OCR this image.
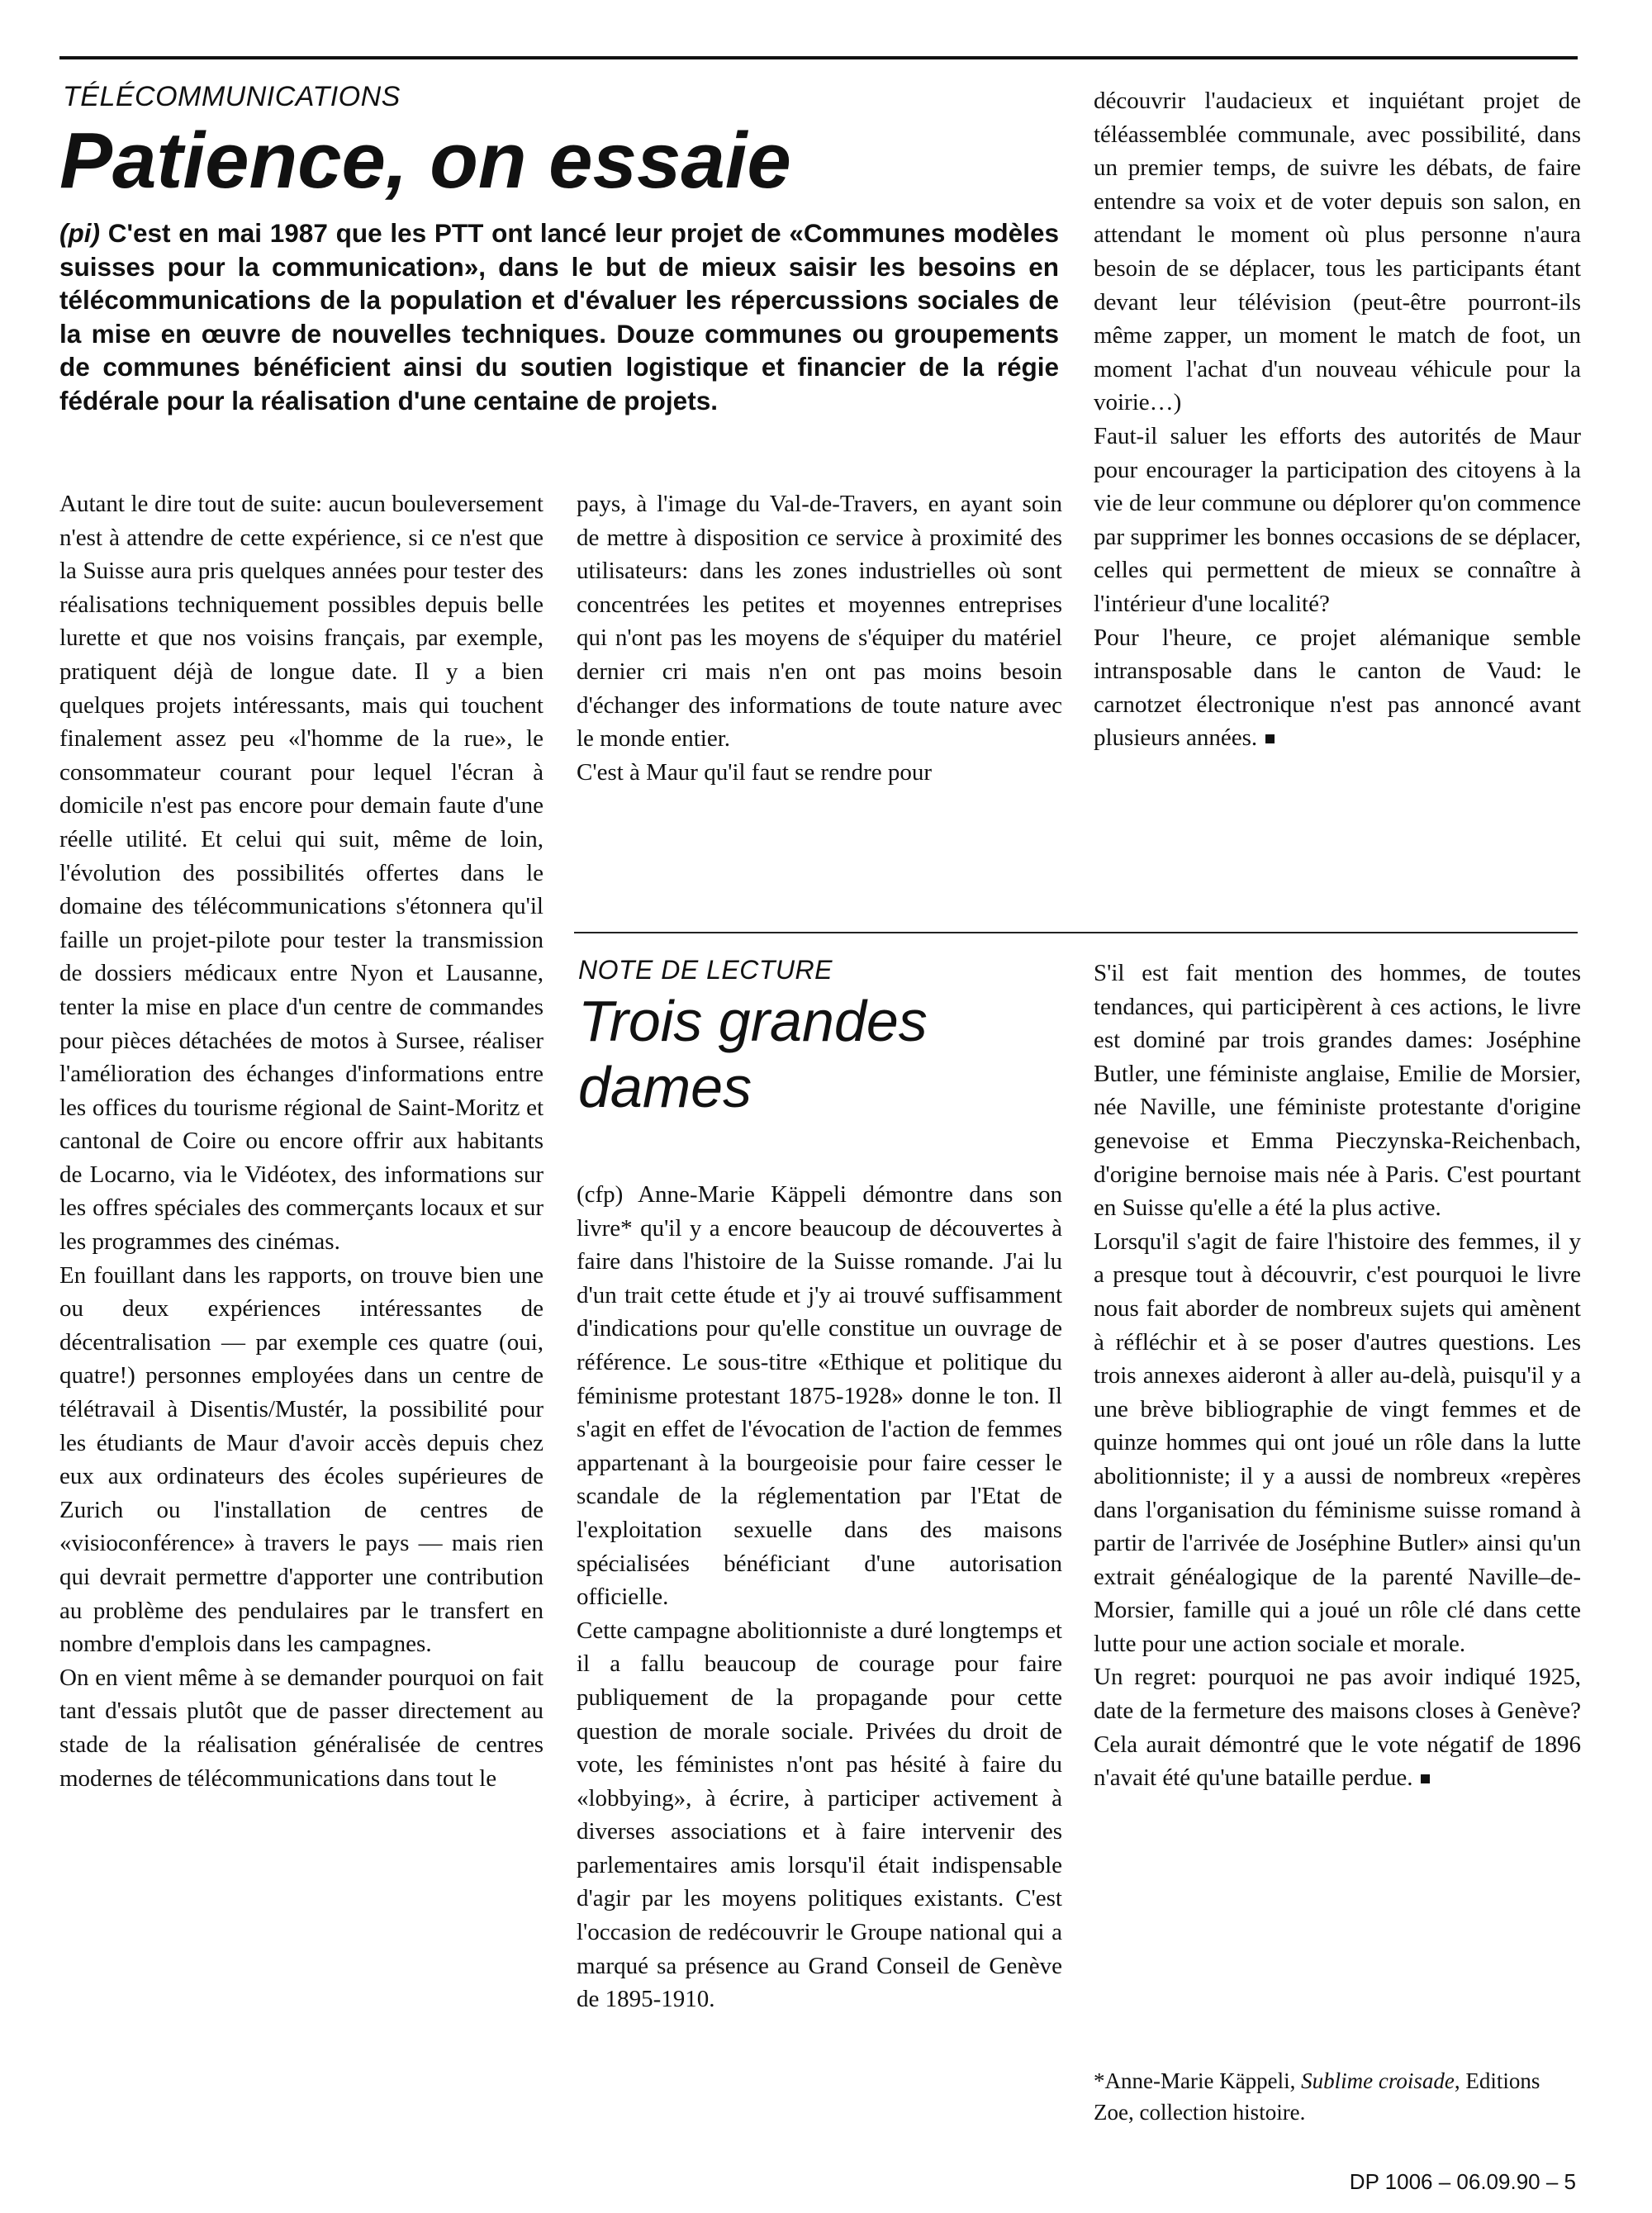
TÉLÉCOMMUNICATIONS
Patience, on essaie
(pi) C'est en mai 1987 que les PTT ont lancé leur projet de «Communes modèles suisses pour la communication», dans le but de mieux saisir les besoins en télécommunications de la population et d'évaluer les répercussions sociales de la mise en œuvre de nouvelles techniques. Douze communes ou groupements de communes bénéficient ainsi du soutien logistique et financier de la régie fédérale pour la réalisation d'une centaine de projets.

Autant le dire tout de suite: aucun bouleversement n'est à attendre de cette expérience, si ce n'est que la Suisse aura pris quelques années pour tester des réalisations techniquement possibles depuis belle lurette et que nos voisins français, par exemple, pratiquent déjà de longue date. Il y a bien quelques projets intéressants, mais qui touchent finalement assez peu «l'homme de la rue», le consommateur courant pour lequel l'écran à domicile n'est pas encore pour demain faute d'une réelle utilité. Et celui qui suit, même de loin, l'évolution des possibilités offertes dans le domaine des télécommunications s'étonnera qu'il faille un projet-pilote pour tester la transmission de dossiers médicaux entre Nyon et Lausanne, tenter la mise en place d'un centre de commandes pour pièces détachées de motos à Sursee, réaliser l'amélioration des échanges d'informations entre les offices du tourisme régional de Saint-Moritz et cantonal de Coire ou encore offrir aux habitants de Locarno, via le Vidéotex, des informations sur les offres spéciales des commerçants locaux et sur les programmes des cinémas.

En fouillant dans les rapports, on trouve bien une ou deux expériences intéressantes de décentralisation — par exemple ces quatre (oui, quatre!) personnes employées dans un centre de télétravail à Disentis/Mustér, la possibilité pour les étudiants de Maur d'avoir accès depuis chez eux aux ordinateurs des écoles supérieures de Zurich ou l'installation de centres de «visioconférence» à travers le pays — mais rien qui devrait permettre d'apporter une contribution au problème des pendulaires par le transfert en nombre d'emplois dans les campagnes.

On en vient même à se demander pourquoi on fait tant d'essais plutôt que de passer directement au stade de la réalisation généralisée de centres modernes de télécommunications dans tout le

pays, à l'image du Val-de-Travers, en ayant soin de mettre à disposition ce service à proximité des utilisateurs: dans les zones industrielles où sont concentrées les petites et moyennes entreprises qui n'ont pas les moyens de s'équiper du matériel dernier cri mais n'en ont pas moins besoin d'échanger des informations de toute nature avec le monde entier.

C'est à Maur qu'il faut se rendre pour

découvrir l'audacieux et inquiétant projet de téléassemblée communale, avec possibilité, dans un premier temps, de suivre les débats, de faire entendre sa voix et de voter depuis son salon, en attendant le moment où plus personne n'aura besoin de se déplacer, tous les participants étant devant leur télévision (peut-être pourront-ils même zapper, un moment le match de foot, un moment l'achat d'un nouveau véhicule pour la voirie…)

Faut-il saluer les efforts des autorités de Maur pour encourager la participation des citoyens à la vie de leur commune ou déplorer qu'on commence par supprimer les bonnes occasions de se déplacer, celles qui permettent de mieux se connaître à l'intérieur d'une localité?

Pour l'heure, ce projet alémanique semble intransposable dans le canton de Vaud: le carnotzet électronique n'est pas annoncé avant plusieurs années.

NOTE DE LECTURE
Trois grandes
dames

(cfp) Anne-Marie Käppeli démontre dans son livre* qu'il y a encore beaucoup de découvertes à faire dans l'histoire de la Suisse romande. J'ai lu d'un trait cette étude et j'y ai trouvé suffisamment d'indications pour qu'elle constitue un ouvrage de référence. Le sous-titre «Ethique et politique du féminisme protestant 1875-1928» donne le ton. Il s'agit en effet de l'évocation de l'action de femmes appartenant à la bourgeoisie pour faire cesser le scandale de la réglementation par l'Etat de l'exploitation sexuelle dans des maisons spécialisées bénéficiant d'une autorisation officielle.

Cette campagne abolitionniste a duré longtemps et il a fallu beaucoup de courage pour faire publiquement de la propagande pour cette question de morale sociale. Privées du droit de vote, les féministes n'ont pas hésité à faire du «lobbying», à écrire, à participer activement à diverses associations et à faire intervenir des parlementaires amis lorsqu'il était indispensable d'agir par les moyens politiques existants. C'est l'occasion de redécouvrir le Groupe national qui a marqué sa présence au Grand Conseil de Genève de 1895-1910.

S'il est fait mention des hommes, de toutes tendances, qui participèrent à ces actions, le livre est dominé par trois grandes dames: Joséphine Butler, une féministe anglaise, Emilie de Morsier, née Naville, une féministe protestante d'origine genevoise et Emma Pieczynska-Reichenbach, d'origine bernoise mais née à Paris. C'est pourtant en Suisse qu'elle a été la plus active.

Lorsqu'il s'agit de faire l'histoire des femmes, il y a presque tout à découvrir, c'est pourquoi le livre nous fait aborder de nombreux sujets qui amènent à réfléchir et à se poser d'autres questions. Les trois annexes aideront à aller au-delà, puisqu'il y a une brève bibliographie de vingt femmes et de quinze hommes qui ont joué un rôle dans la lutte abolitionniste; il y a aussi de nombreux «repères dans l'organisation du féminisme suisse romand à partir de l'arrivée de Joséphine Butler» ainsi qu'un extrait généalogique de la parenté Naville–de-Morsier, famille qui a joué un rôle clé dans cette lutte pour une action sociale et morale.

Un regret: pourquoi ne pas avoir indiqué 1925, date de la fermeture des maisons closes à Genève? Cela aurait démontré que le vote négatif de 1896 n'avait été qu'une bataille perdue.

*Anne-Marie Käppeli, Sublime croisade, Editions Zoe, collection histoire.
DP 1006 – 06.09.90 – 5
